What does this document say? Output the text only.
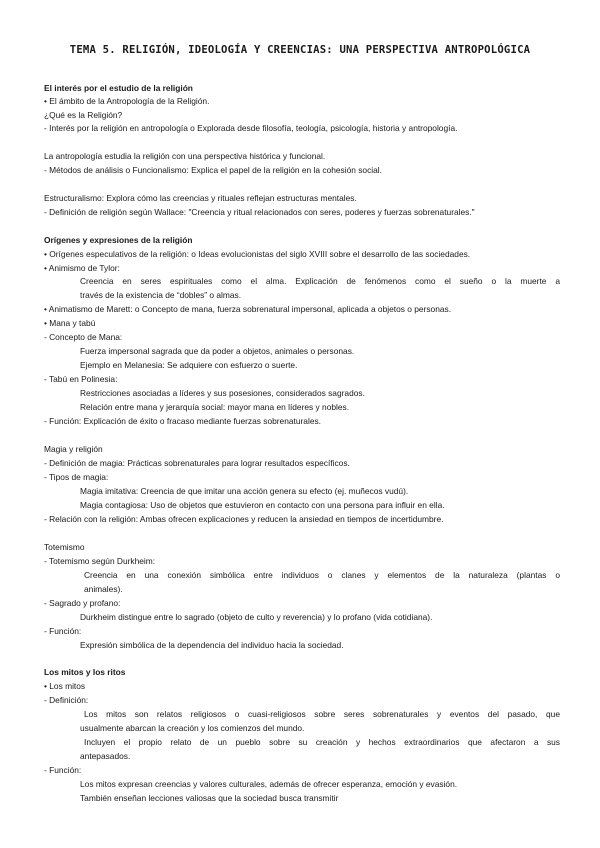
TEMA 5. RELIGIÓN, IDEOLOGÍA Y CREENCIAS: UNA PERSPECTIVA ANTROPOLÓGICA

El interés por el estudio de la religión

• El ámbito de la Antropología de la Religión.

¿Qué es la Religión?

- Interés por la religión en antropología o Explorada desde filosofía, teología, psicología, historia y antropología.

La antropología estudia la religión con una perspectiva histórica y funcional.

- Métodos de análisis o Funcionalismo: Explica el papel de la religión en la cohesión social.

Estructuralismo: Explora cómo las creencias y rituales reflejan estructuras mentales.

- Definición de religión según Wallace: "Creencia y ritual relacionados con seres, poderes y fuerzas sobrenaturales."

Orígenes y expresiones de la religión

• Orígenes especulativos de la religión: o Ideas evolucionistas del siglo XVIII sobre el desarrollo de las sociedades.

• Animismo de Tylor:

Creencia en seres espirituales como el alma. Explicación de fenómenos como el sueño o la muerte a

través de la existencia de “dobles” o almas.

• Animatismo de Marett: o Concepto de mana, fuerza sobrenatural impersonal, aplicada a objetos o personas.

• Mana y tabú

- Concepto de Mana:

Fuerza impersonal sagrada que da poder a objetos, animales o personas.

Ejemplo en Melanesia: Se adquiere con esfuerzo o suerte.

- Tabú en Polinesia:

Restricciones asociadas a líderes y sus posesiones, considerados sagrados.

Relación entre mana y jerarquía social: mayor mana en líderes y nobles.

- Función: Explicación de éxito o fracaso mediante fuerzas sobrenaturales.

Magia y religión

- Definición de magia: Prácticas sobrenaturales para lograr resultados específicos.

- Tipos de magia:

Magia imitativa: Creencia de que imitar una acción genera su efecto (ej. muñecos vudú).

Magia contagiosa: Uso de objetos que estuvieron en contacto con una persona para influir en ella.

- Relación con la religión: Ambas ofrecen explicaciones y reducen la ansiedad en tiempos de incertidumbre.

Totemismo

- Totemismo según Durkheim:

Creencia en una conexión simbólica entre individuos o clanes y elementos de la naturaleza (plantas o

animales).

- Sagrado y profano:

Durkheim distingue entre lo sagrado (objeto de culto y reverencia) y lo profano (vida cotidiana).

- Función:

Expresión simbólica de la dependencia del individuo hacia la sociedad.

Los mitos y los ritos

• Los mitos

- Definición:

Los mitos son relatos religiosos o cuasi-religiosos sobre seres sobrenaturales y eventos del pasado, que

usualmente abarcan la creación y los comienzos del mundo.

Incluyen el propio relato de un pueblo sobre su creación y hechos extraordinarios que afectaron a sus

antepasados.

- Función:

Los mitos expresan creencias y valores culturales, además de ofrecer esperanza, emoción y evasión.

También enseñan lecciones valiosas que la sociedad busca transmitir
